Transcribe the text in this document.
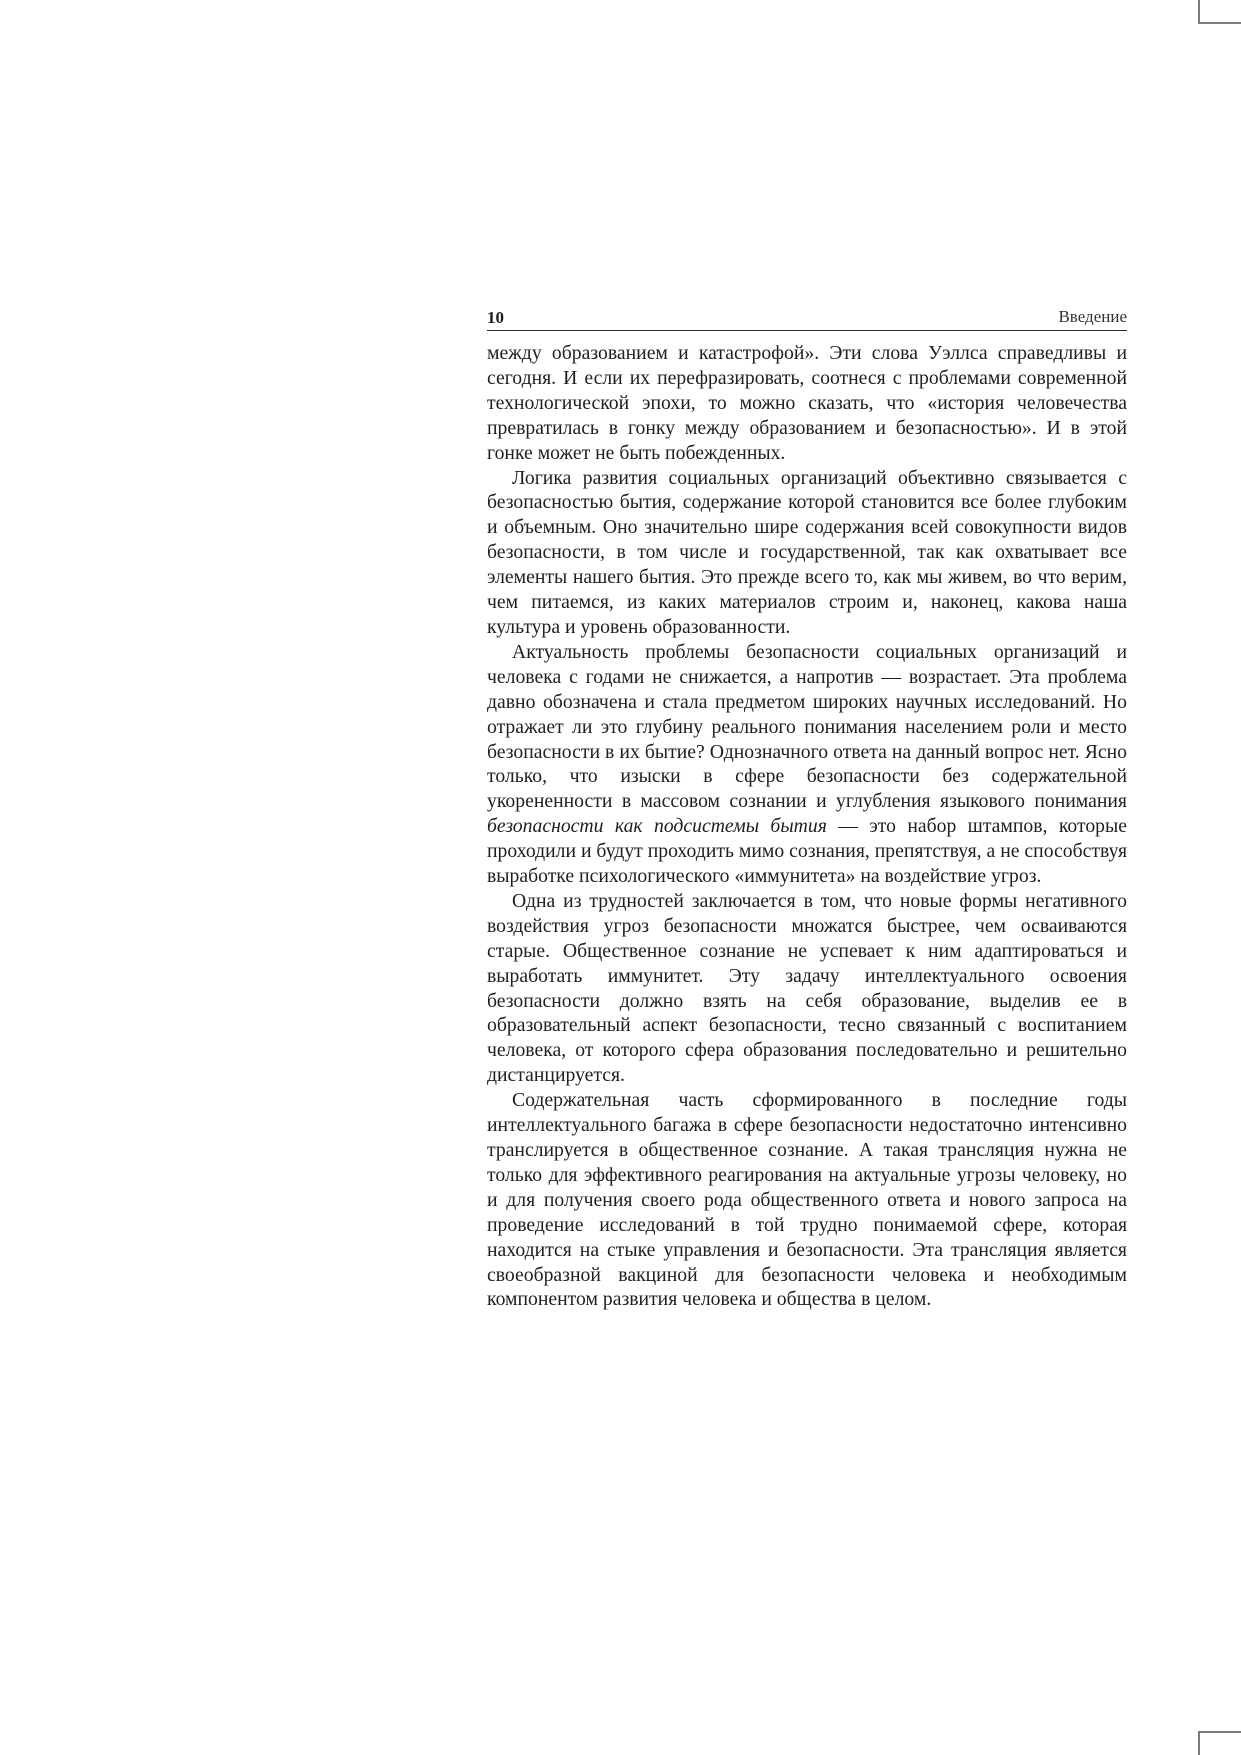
10	Введение

между образованием и катастрофой». Эти слова Уэллса справедливы и сегодня. И если их перефразировать, соотнеся с проблемами современной технологической эпохи, то можно сказать, что «история человечества превратилась в гонку между образованием и безопасностью». И в этой гонке может не быть побежденных.

Логика развития социальных организаций объективно связывается с безопасностью бытия, содержание которой становится все более глубоким и объемным. Оно значительно шире содержания всей совокупности видов безопасности, в том числе и государственной, так как охватывает все элементы нашего бытия. Это прежде всего то, как мы живем, во что верим, чем питаемся, из каких материалов строим и, наконец, какова наша культура и уровень образованности.

Актуальность проблемы безопасности социальных организаций и человека с годами не снижается, а напротив — возрастает. Эта проблема давно обозначена и стала предметом широких научных исследований. Но отражает ли это глубину реального понимания населением роли и место безопасности в их бытие? Однозначного ответа на данный вопрос нет. Ясно только, что изыски в сфере безопасности без содержательной укорененности в массовом сознании и углубления языкового понимания безопасности как подсистемы бытия — это набор штампов, которые проходили и будут проходить мимо сознания, препятствуя, а не способствуя выработке психологического «иммунитета» на воздействие угроз.

Одна из трудностей заключается в том, что новые формы негативного воздействия угроз безопасности множатся быстрее, чем осваиваются старые. Общественное сознание не успевает к ним адаптироваться и выработать иммунитет. Эту задачу интеллектуального освоения безопасности должно взять на себя образование, выделив ее в образовательный аспект безопасности, тесно связанный с воспитанием человека, от которого сфера образования последовательно и решительно дистанцируется.

Содержательная часть сформированного в последние годы интеллектуального багажа в сфере безопасности недостаточно интенсивно транслируется в общественное сознание. А такая трансляция нужна не только для эффективного реагирования на актуальные угрозы человеку, но и для получения своего рода общественного ответа и нового запроса на проведение исследований в той трудно понимаемой сфере, которая находится на стыке управления и безопасности. Эта трансляция является своеобразной вакциной для безопасности человека и необходимым компонентом развития человека и общества в целом.
